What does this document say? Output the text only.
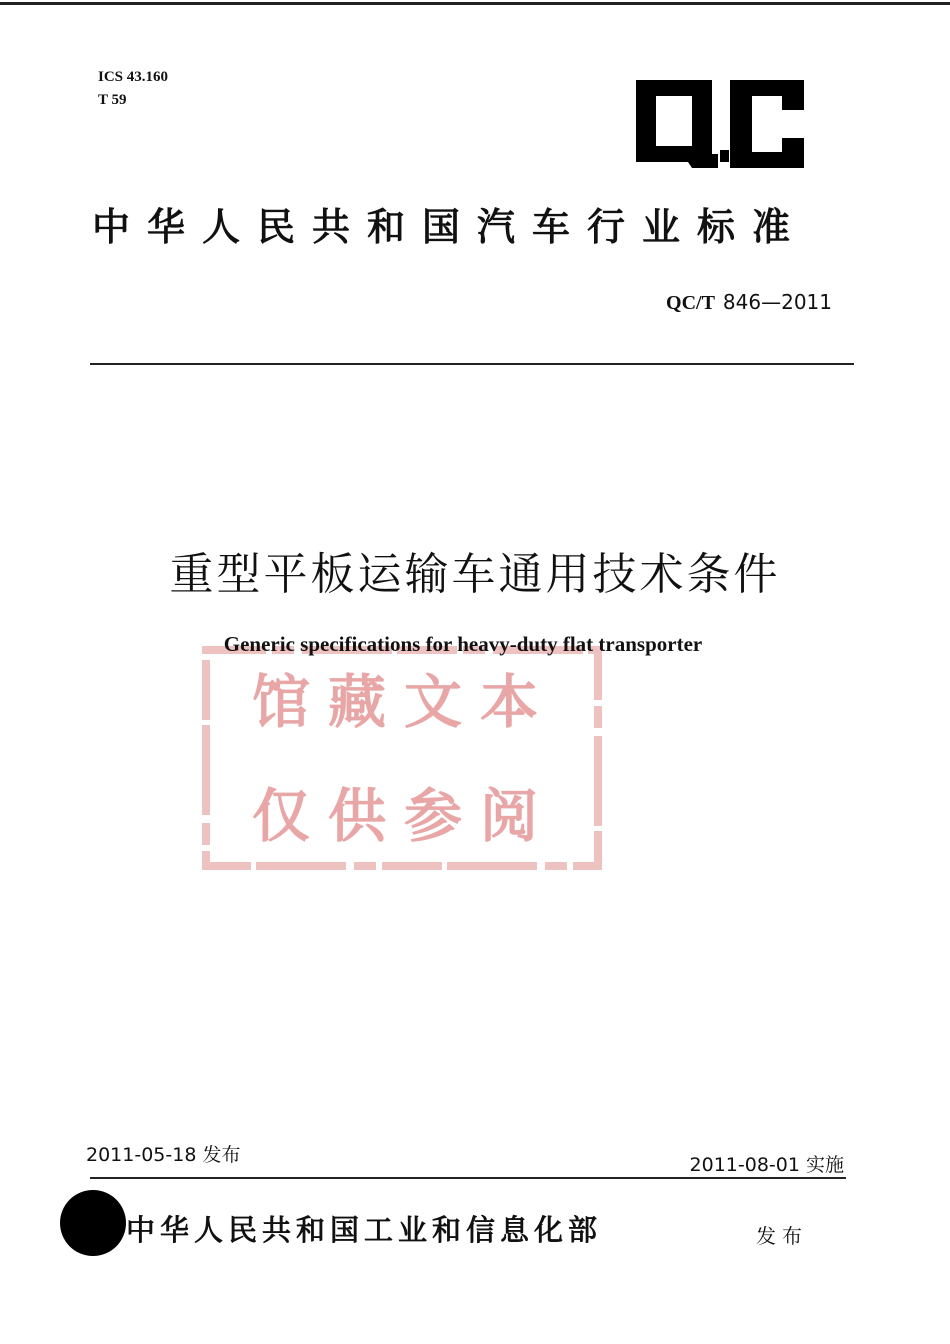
ICS 43.160
T 59
中华人民共和国汽车行业标准
QC/T 846—2011
馆藏文本
仅供参阅
重型平板运输车通用技术条件
Generic specifications for heavy-duty flat transporter
2011-05-18 发布	2011-08-01 实施
中华人民共和国工业和信息化部	发布
